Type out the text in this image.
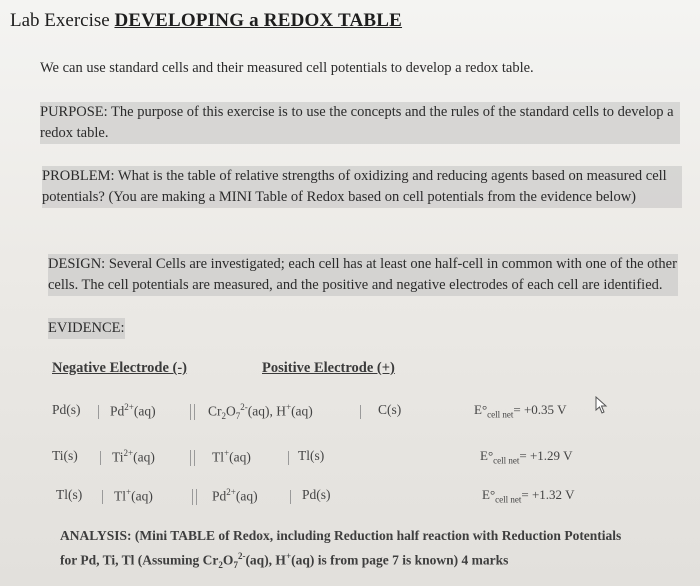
Lab Exercise DEVELOPING a REDOX TABLE
We can use standard cells and their measured cell potentials to develop a redox table.
PURPOSE: The purpose of this exercise is to use the concepts and the rules of the standard cells to develop a redox table.
PROBLEM: What is the table of relative strengths of oxidizing and reducing agents based on measured cell potentials? (You are making a MINI Table of Redox based on cell potentials from the evidence below)
DESIGN: Several Cells are investigated; each cell has at least one half-cell in common with one of the other cells. The cell potentials are measured, and the positive and negative electrodes of each cell are identified.
EVIDENCE:
Negative Electrode (-)	Positive Electrode (+)
Pd(s) $Pd^{2+}(aq)$	$Cr_2O_7^{2-}(aq)$, H+(aq)	C(s)	$E^\circ_{cell net}= +0.35$ V
Ti(s)	$Ti^{2+}(aq)$	Tl+(aq)	Tl(s)	$E^\circ_{cell net}= +1.29$ V
Tl(s) Tl+(aq)	$Pd^{2+}(aq)$	Pd(s)	$E^\circ_{cell net}= +1.32$ V
ANALYSIS: (Mini TABLE of Redox, including Reduction half reaction with Reduction Potentials
for Pd, Ti, Tl (Assuming $Cr_2O_7^{2-}(aq)$, H+(aq) is from page 7 is known) 4 marks
